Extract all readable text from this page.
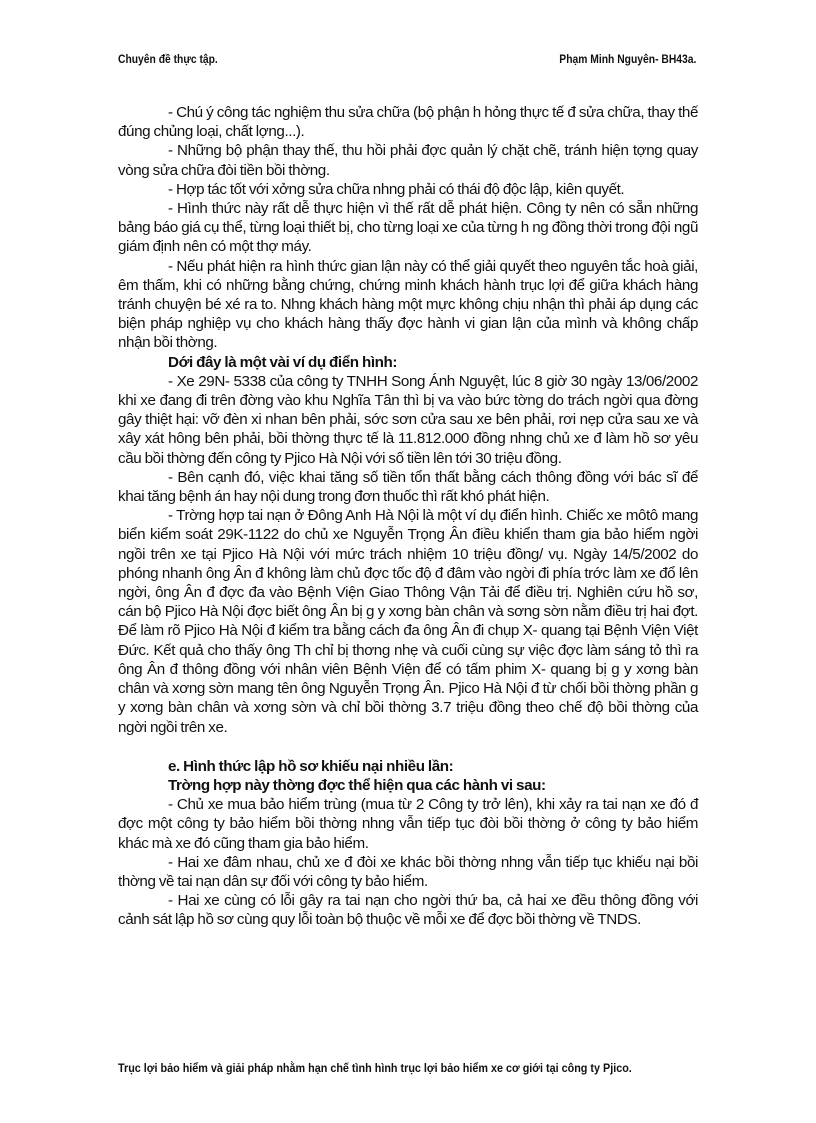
Chuyên đề thực tập.	Phạm Minh Nguyên- BH43a.

- Chú ý công tác nghiệm thu sửa chữa (bộ phận h hỏng thực tế đ sửa chữa, thay thế đúng chủng loại, chất lợng...).

- Những bộ phận thay thế, thu hồi phải đợc quản lý chặt chẽ, tránh hiện tợng quay vòng sửa chữa đòi tiền bồi thờng.

- Hợp tác tốt với xởng sửa chữa nhng phải có thái độ độc lập, kiên quyết.

- Hình thức này rất dễ thực hiện vì thế rất dễ phát hiện. Công ty nên có sẵn những bảng báo giá cụ thể, từng loại thiết bị, cho từng loại xe của từng h ng đồng thời trong đội ngũ giám định nên có một thợ máy.

- Nếu phát hiện ra hình thức gian lận này có thể giải quyết theo nguyên tắc hoà giải, êm thấm, khi có những bằng chứng, chứng minh khách hành trục lợi để giữa khách hàng tránh chuyện bé xé ra to. Nhng khách hàng một mực không chịu nhận thì phải áp dụng các biện pháp nghiệp vụ cho khách hàng thấy đợc hành vi gian lận của mình và không chấp nhận bồi thờng.

Dới đây là một vài ví dụ điển hình:

- Xe 29N- 5338 của công ty TNHH Song Ánh Nguyệt, lúc 8 giờ 30 ngày 13/06/2002 khi xe đang đi trên đờng vào khu Nghĩa Tân thì bị va vào bức tờng do trách ngời qua đờng gây thiệt hại: vỡ đèn xi nhan bên phải, sớc sơn cửa sau xe bên phải, rơi nẹp cửa sau xe và xây xát hông bên phải, bồi thờng thực tế là 11.812.000 đồng nhng chủ xe đ làm hồ sơ yêu cầu bồi thờng đến công ty Pjico Hà Nội với số tiền lên tới 30 triệu đồng.

- Bên cạnh đó, việc khai tăng số tiền tổn thất bằng cách thông đồng với bác sĩ để khai tăng bệnh án hay nội dung trong đơn thuốc thì rất khó phát hiện.

- Trờng hợp tai nạn ở Đông Anh Hà Nội là một ví dụ điển hình. Chiếc xe môtô mang biển kiểm soát 29K-1122 do chủ xe Nguyễn Trọng Ân điều khiển tham gia bảo hiểm ngời ngồi trên xe tại Pjico Hà Nội với mức trách nhiệm 10 triệu đồng/ vụ. Ngày 14/5/2002 do phóng nhanh ông Ân đ không làm chủ đợc tốc độ đ đâm vào ngời đi phía trớc làm xe đổ lên ngời, ông Ân đ đợc đa vào Bệnh Viện Giao Thông Vận Tải để điều trị. Nghiên cứu hồ sơ, cán bộ Pjico Hà Nội đợc biết ông Ân bị g y xơng bàn chân và sơng sờn nằm điều trị hai đợt. Để làm rõ Pjico Hà Nội đ kiểm tra bằng cách đa ông Ân đi chụp X- quang tại Bệnh Viện Việt Đức. Kết quả cho thấy ông Th chỉ bị thơng nhẹ và cuối cùng sự việc đợc làm sáng tỏ thì ra ông Ân đ thông đồng với nhân viên Bệnh Viện để có tấm phim X- quang bị g y xơng bàn chân và xơng sờn mang tên ông Nguyễn Trọng Ân. Pjico Hà Nội đ từ chối bồi thờng phần g y xơng bàn chân và xơng sờn và chỉ bồi thờng 3.7 triệu đồng theo chế độ bồi thờng của ngời ngồi trên xe.

e. Hình thức lập hồ sơ khiếu nại nhiều lần:

Trờng hợp này thờng đợc thể hiện qua các hành vi sau:

- Chủ xe mua bảo hiểm trùng (mua từ 2 Công ty trở lên), khi xảy ra tai nạn xe đó đ đợc một công ty bảo hiểm bồi thờng nhng vẫn tiếp tục đòi bồi thờng ở công ty bảo hiểm khác mà xe đó cũng tham gia bảo hiểm.

- Hai xe đâm nhau, chủ xe đ đòi xe khác bồi thờng nhng vẫn tiếp tục khiếu nại bồi thờng về tai nạn dân sự đối với công ty bảo hiểm.

- Hai xe cùng có lỗi gây ra tai nạn cho ngời thứ ba, cả hai xe đều thông đồng với cảnh sát lập hồ sơ cùng quy lỗi toàn bộ thuộc về mỗi xe để đợc bồi thờng về TNDS.

Trục lợi bảo hiểm và giải pháp nhằm hạn chế tình hình trục lợi bảo hiểm xe cơ giới tại công ty Pjico.
